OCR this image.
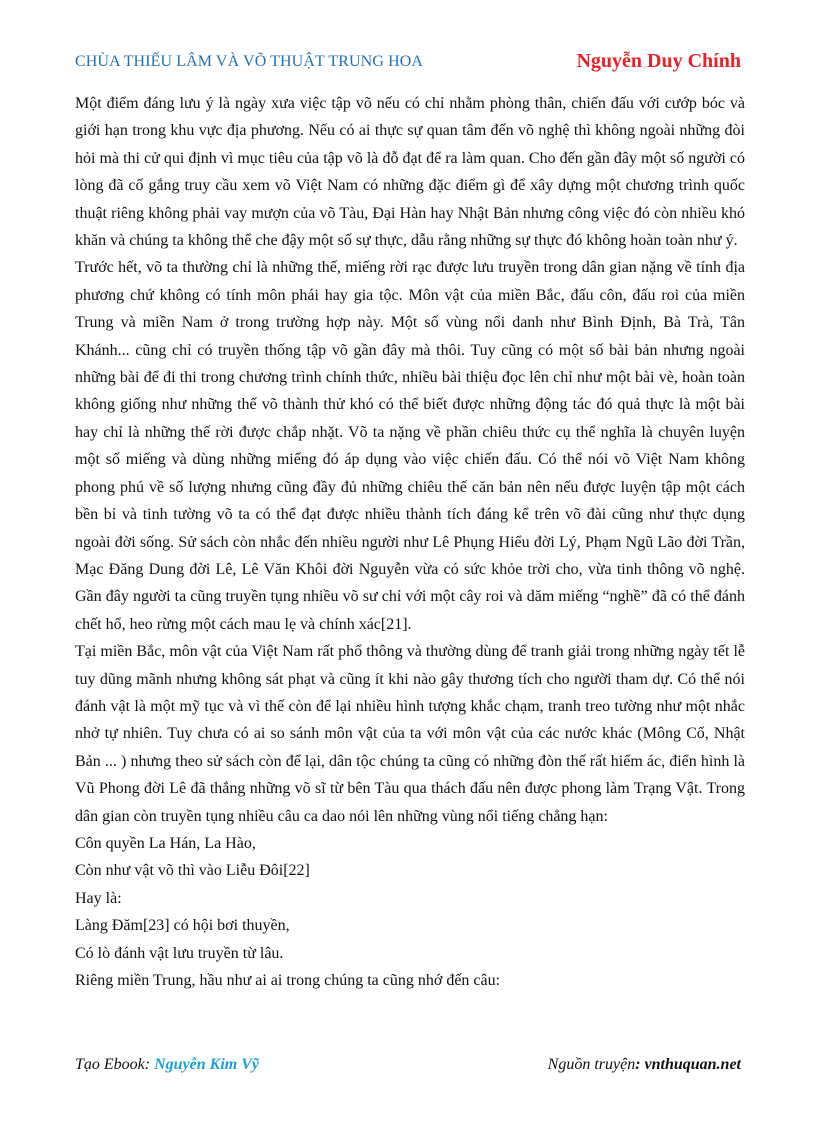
CHÙA THIẾU LÂM VÀ VÕ THUẬT TRUNG HOA	Nguyễn Duy Chính

Một điểm đáng lưu ý là ngày xưa việc tập võ nếu có chỉ nhằm phòng thân, chiến đấu với cướp bóc và giới hạn trong khu vực địa phương. Nếu có ai thực sự quan tâm đến võ nghệ thì không ngoài những đòi hỏi mà thi cử qui định vì mục tiêu của tập võ là đỗ đạt để ra làm quan. Cho đến gần đây một số người có lòng đã cố gắng truy cầu xem võ Việt Nam có những đặc điểm gì để xây dựng một chương trình quốc thuật riêng không phải vay mượn của võ Tàu, Đại Hàn hay Nhật Bản nhưng công việc đó còn nhiều khó khăn và chúng ta không thể che đậy một số sự thực, dẫu rằng những sự thực đó không hoàn toàn như ý.

Trước hết, võ ta thường chỉ là những thế, miếng rời rạc được lưu truyền trong dân gian nặng về tính địa phương chứ không có tính môn phái hay gia tộc. Môn vật của miền Bắc, đấu côn, đấu roi của miền Trung và miền Nam ở trong trường hợp này. Một số vùng nổi danh như Bình Định, Bà Trà, Tân Khánh... cũng chỉ có truyền thống tập võ gần đây mà thôi. Tuy cũng có một số bài bản nhưng ngoài những bài để đi thi trong chương trình chính thức, nhiều bài thiệu đọc lên chỉ như một bài vè, hoàn toàn không giống như những thế võ thành thử khó có thể biết được những động tác đó quả thực là một bài hay chỉ là những thế rời được chắp nhặt. Võ ta nặng về phần chiêu thức cụ thể nghĩa là chuyên luyện một số miếng và dùng những miếng đó áp dụng vào việc chiến đấu. Có thể nói võ Việt Nam không phong phú về số lượng nhưng cũng đầy đủ những chiêu thế căn bản nên nếu được luyện tập một cách bền bỉ và tinh tường võ ta có thể đạt được nhiều thành tích đáng kể trên võ đài cũng như thực dụng ngoài đời sống. Sử sách còn nhắc đến nhiều người như Lê Phụng Hiểu đời Lý, Phạm Ngũ Lão đời Trần, Mạc Đăng Dung đời Lê, Lê Văn Khôi đời Nguyễn vừa có sức khỏe trời cho, vừa tinh thông võ nghệ. Gần đây người ta cũng truyền tụng nhiều võ sư chỉ với một cây roi và dăm miếng “nghề” đã có thể đánh chết hổ, heo rừng một cách mau lẹ và chính xác[21].

Tại miền Bắc, môn vật của Việt Nam rất phổ thông và thường dùng để tranh giải trong những ngày tết lễ tuy dũng mãnh nhưng không sát phạt và cũng ít khi nào gây thương tích cho người tham dự. Có thể nói đánh vật là một mỹ tục và vì thế còn để lại nhiều hình tượng khắc chạm, tranh treo tường như một nhắc nhở tự nhiên. Tuy chưa có ai so sánh môn vật của ta với môn vật của các nước khác (Mông Cổ, Nhật Bản ... ) nhưng theo sử sách còn để lại, dân tộc chúng ta cũng có những đòn thế rất hiểm ác, điển hình là Vũ Phong đời Lê đã thắng những võ sĩ từ bên Tàu qua thách đấu nên được phong làm Trạng Vật. Trong dân gian còn truyền tụng nhiều câu ca dao nói lên những vùng nổi tiếng chẳng hạn:

Côn quyền La Hán, La Hào,

Còn như vật võ thì vào Liễu Đôi[22]

Hay là:

Làng Đăm[23] có hội bơi thuyền,

Có lò đánh vật lưu truyền từ lâu.

Riêng miền Trung, hầu như ai ai trong chúng ta cũng nhớ đến câu:

Tạo Ebook: Nguyễn Kim Vỹ	Nguồn truyện: vnthuquan.net
